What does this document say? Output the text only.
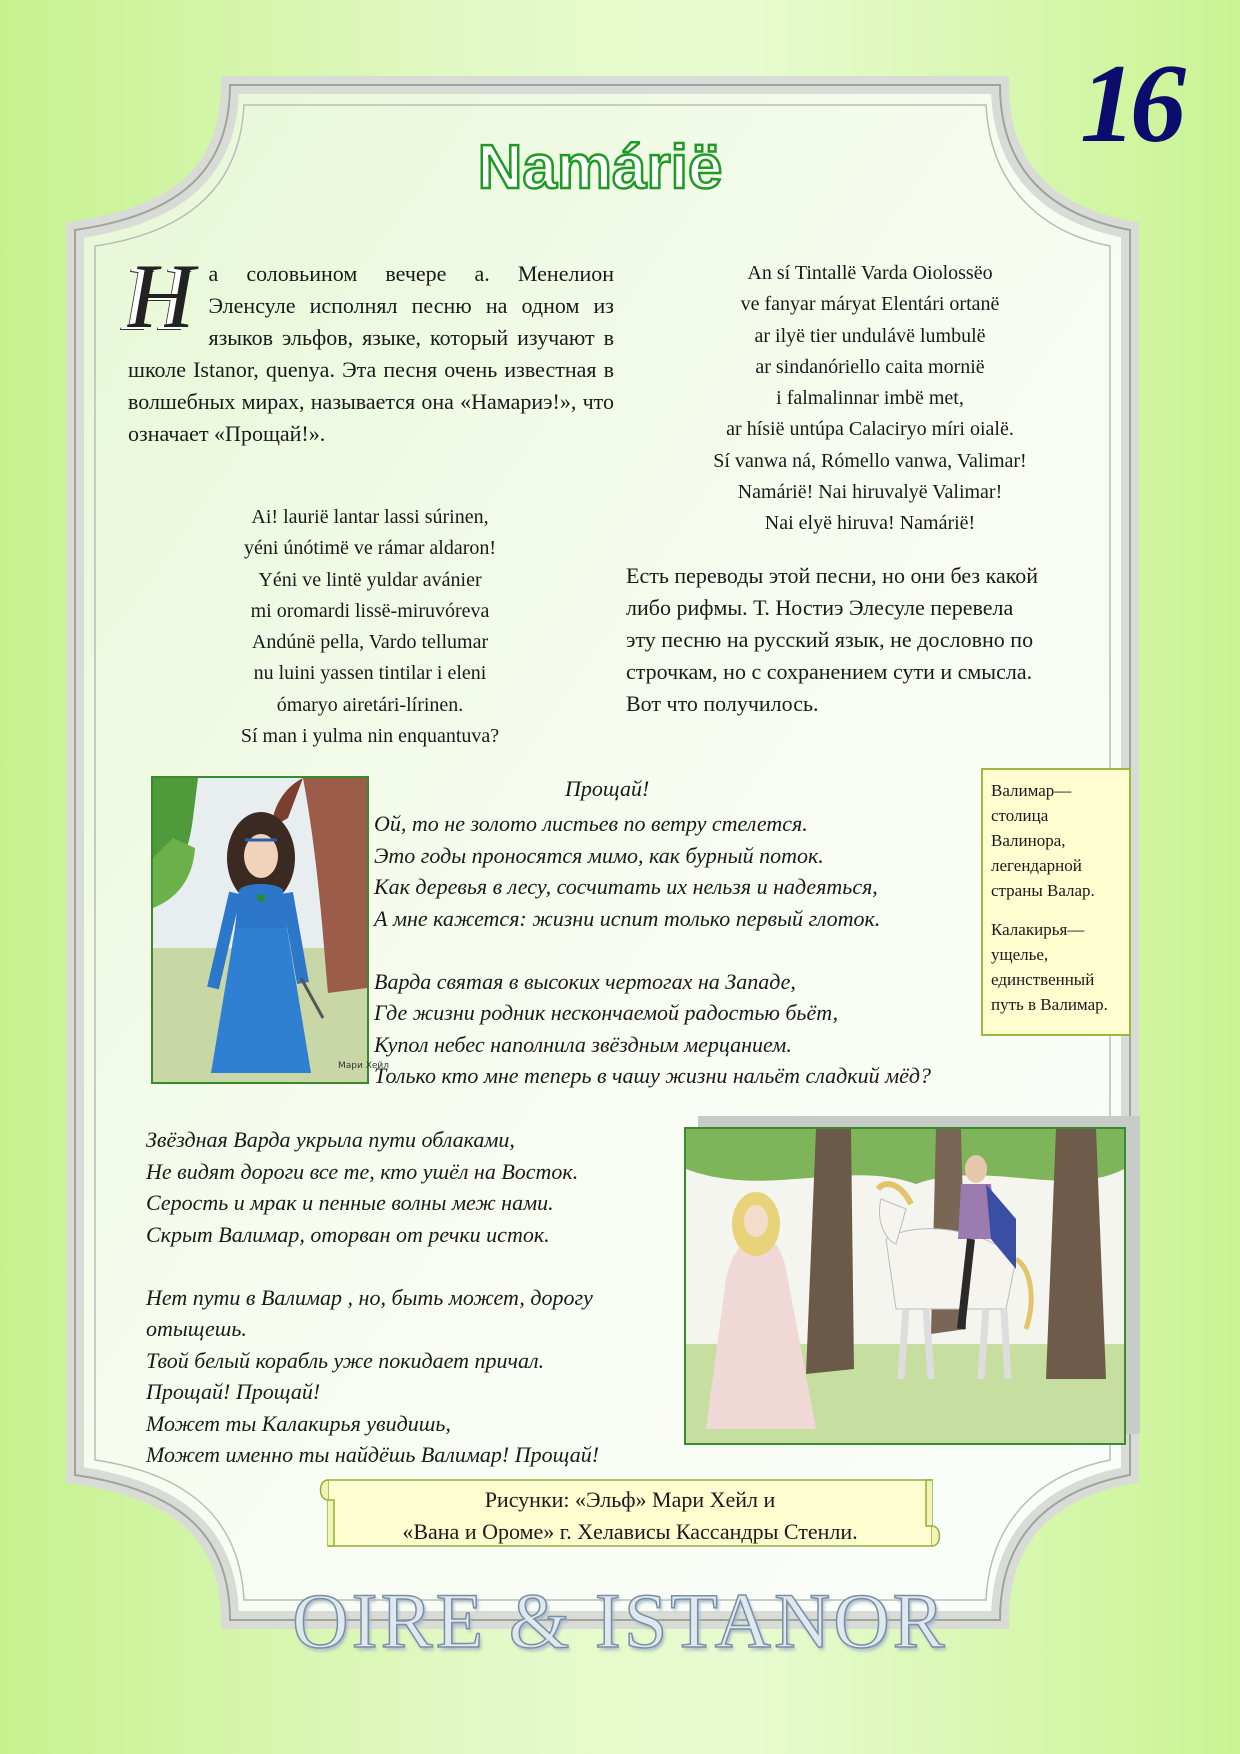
16
Namárië
На соловьином вечере а. Менелион Эленсуле исполнял песню на одном из языков эльфов, языке, который изучают в школе Istanor, quenya. Эта песня очень известная в волшебных мирах, называется она «Намариэ!», что означает «Прощай!».
Ai! laurië lantar lassi súrinen,
yéni únótimë ve rámar aldaron!
Yéni ve lintë yuldar avánier
mi oromardi lissë-miruvóreva
Andúnë pella, Vardo tellumar
nu luini yassen tintilar i eleni
ómaryo airetári-lírinen.
Sí man i yulma nin enquantuva?
An sí Tintallë Varda Oiolossëo
ve fanyar máryat Elentári ortanë
ar ilyë tier undulávë lumbulë
ar sindanóriello caita mornië
i falmalinnar imbë met,
ar hísië untúpa Calaciryo míri oialë.
Sí vanwa ná, Rómello vanwa, Valimar!
Namárië! Nai hiruvalyë Valimar!
Nai elyë hiruva! Namárië!
Есть переводы этой песни, но они без какой
либо рифмы. Т. Ностиэ Элесуле перевела
эту песню на русский язык, не дословно по
строчкам, но с сохранением сути и смысла.
Вот что получилось.
Мари Хейл
Прощай!
Ой, то не золото листьев по ветру стелется.
Это годы проносятся мимо, как бурный поток.
Как деревья в лесу, сосчитать их нельзя и надеяться,
А мне кажется: жизни испит только первый глоток.
Варда святая в высоких чертогах на Западе,
Где жизни родник нескончаемой радостью бьёт,
Купол небес наполнила звёздным мерцанием.
Только кто мне теперь в чашу жизни нальёт сладкий мёд?

Валимар— столица Валинора, легендарной страны Валар.

Калакирья— ущелье, единственный путь в Валимар.

Звёздная Варда укрыла пути облаками,
Не видят дороги все те, кто ушёл на Восток.
Серость и мрак и пенные волны меж нами.
Скрыт Валимар, оторван от речки исток.
Нет пути в Валимар , но, быть может, дорогу
отыщешь.
Твой белый корабль уже покидает причал.
Прощай! Прощай!
Может ты Калакирья увидишь,
Может именно ты найдёшь Валимар! Прощай!
Рисунки: «Эльф» Мари Хейл и
«Вана и Ороме» г. Хелависы Кассандры Стенли.
OIRE & ISTANOR
